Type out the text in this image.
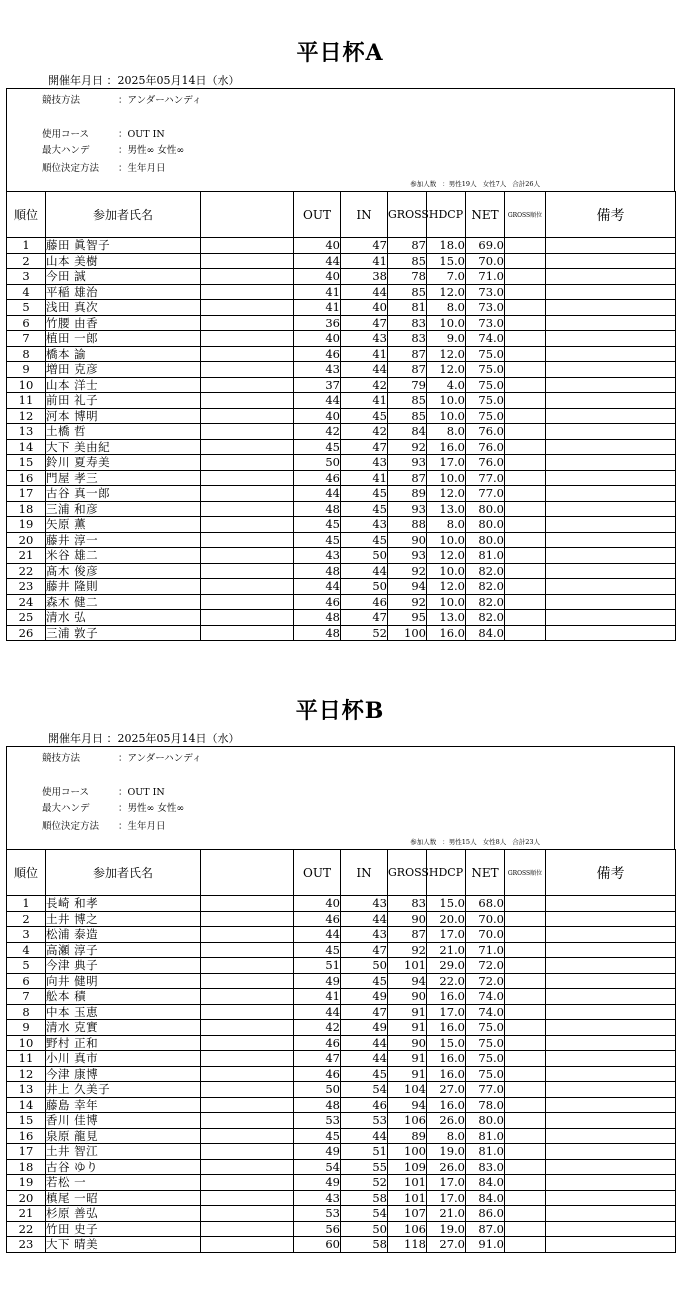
平日杯A
開催年月日 ：2025年05月14日（水）
競技方法	：アンダーハンディ
使用コース	：OUT IN
最大ハンデ	：男性∞ 女性∞
順位決定方法 ：生年月日
参加人数 ：男性19人 女性7人 合計26人
順位	参加者氏名		OUT	IN	GROSS	HDCP	NET	GROSS順位	備考
1	藤田 眞智子		40	47	87	18.0	69.0		
2	山本 美樹		44	41	85	15.0	70.0		
3	今田 誠		40	38	78	7.0	71.0		
4	平稲 雄治		41	44	85	12.0	73.0		
5	浅田 真次		41	40	81	8.0	73.0		
6	竹腰 由香		36	47	83	10.0	73.0		
7	植田 一郎		40	43	83	9.0	74.0		
8	橋本 諭		46	41	87	12.0	75.0		
9	増田 克彦		43	44	87	12.0	75.0		
10	山本 洋士		37	42	79	4.0	75.0		
11	前田 礼子		44	41	85	10.0	75.0		
12	河本 博明		40	45	85	10.0	75.0		
13	土橋 哲		42	42	84	8.0	76.0		
14	大下 美由紀		45	47	92	16.0	76.0		
15	鈴川 夏寿美		50	43	93	17.0	76.0		
16	門屋 孝三		46	41	87	10.0	77.0		
17	古谷 真一郎		44	45	89	12.0	77.0		
18	三浦 和彦		48	45	93	13.0	80.0		
19	矢原 薫		45	43	88	8.0	80.0		
20	藤井 淳一		45	45	90	10.0	80.0		
21	米谷 雄二		43	50	93	12.0	81.0		
22	髙木 俊彦		48	44	92	10.0	82.0		
23	藤井 隆則		44	50	94	12.0	82.0		
24	森木 健二		46	46	92	10.0	82.0		
25	清水 弘		48	47	95	13.0	82.0		
26	三浦 敦子		48	52	100	16.0	84.0		
平日杯B
開催年月日 ：2025年05月14日（水）
競技方法	：アンダーハンディ
使用コース	：OUT IN
最大ハンデ	：男性∞ 女性∞
順位決定方法 ：生年月日
参加人数 ：男性15人 女性8人 合計23人
順位	参加者氏名		OUT	IN	GROSS	HDCP	NET	GROSS順位	備考
1	長崎 和孝		40	43	83	15.0	68.0		
2	土井 博之		46	44	90	20.0	70.0		
3	松浦 泰造		44	43	87	17.0	70.0		
4	高瀬 淳子		45	47	92	21.0	71.0		
5	今津 典子		51	50	101	29.0	72.0		
6	向井 健明		49	45	94	22.0	72.0		
7	舩本 積		41	49	90	16.0	74.0		
8	中本 玉恵		44	47	91	17.0	74.0		
9	清水 克實		42	49	91	16.0	75.0		
10	野村 正和		46	44	90	15.0	75.0		
11	小川 真市		47	44	91	16.0	75.0		
12	今津 康博		46	45	91	16.0	75.0		
13	井上 久美子		50	54	104	27.0	77.0		
14	藤島 幸年		48	46	94	16.0	78.0		
15	香川 佳博		53	53	106	26.0	80.0		
16	泉原 龍見		45	44	89	8.0	81.0		
17	土井 智江		49	51	100	19.0	81.0		
18	古谷 ゆり		54	55	109	26.0	83.0		
19	若松 一		49	52	101	17.0	84.0		
20	槙尾 一昭		43	58	101	17.0	84.0		
21	杉原 善弘		53	54	107	21.0	86.0		
22	竹田 史子		56	50	106	19.0	87.0		
23	大下 晴美		60	58	118	27.0	91.0		
